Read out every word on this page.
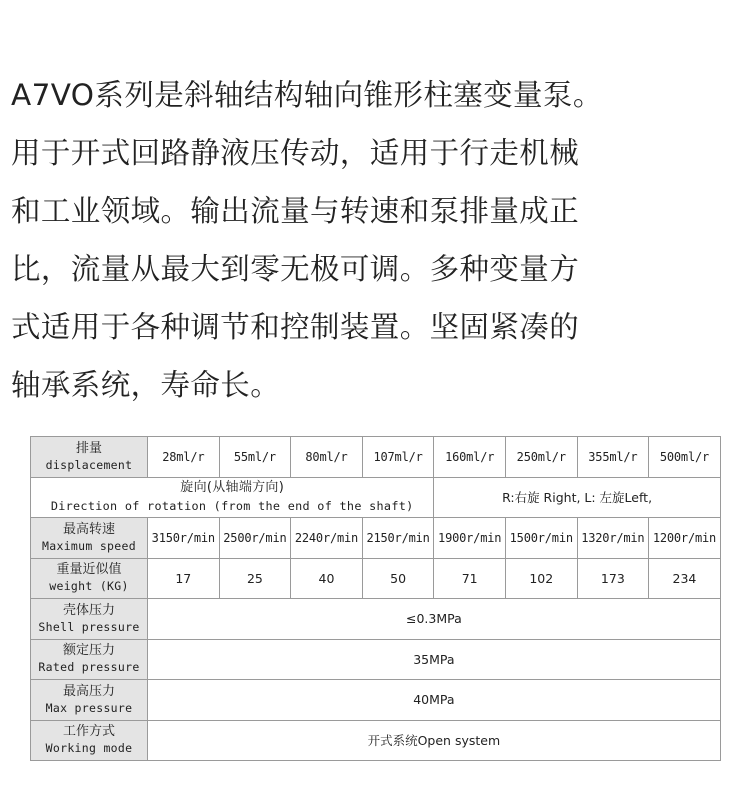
A7VO系列是斜轴结构轴向锥形柱塞变量泵。
用于开式回路静液压传动，适用于行走机械
和工业领域。输出流量与转速和泵排量成正
比，流量从最大到零无极可调。多种变量方
式适用于各种调节和控制装置。坚固紧凑的
轴承系统，寿命长。
排量
displacement	28ml/r	55ml/r	80ml/r	107ml/r	160ml/r	250ml/r	355ml/r	500ml/r

旋向(从轴端方向)
Direction of rotation (from the end of the shaft)					R:右旋 Right, L: 左旋Left,			

最高转速
Maximum speed	3150r/min	2500r/min	2240r/min	2150r/min	1900r/min	1500r/min	1320r/min	1200r/min

重量近似值
weight (KG)	17	25	40	50	71	102	173	234

壳体压力
Shell pressure	≤0.3MPa							

额定压力
Rated pressure	35MPa							

最高压力
Max pressure	40MPa							

工作方式
Working mode	开式系统Open system							
